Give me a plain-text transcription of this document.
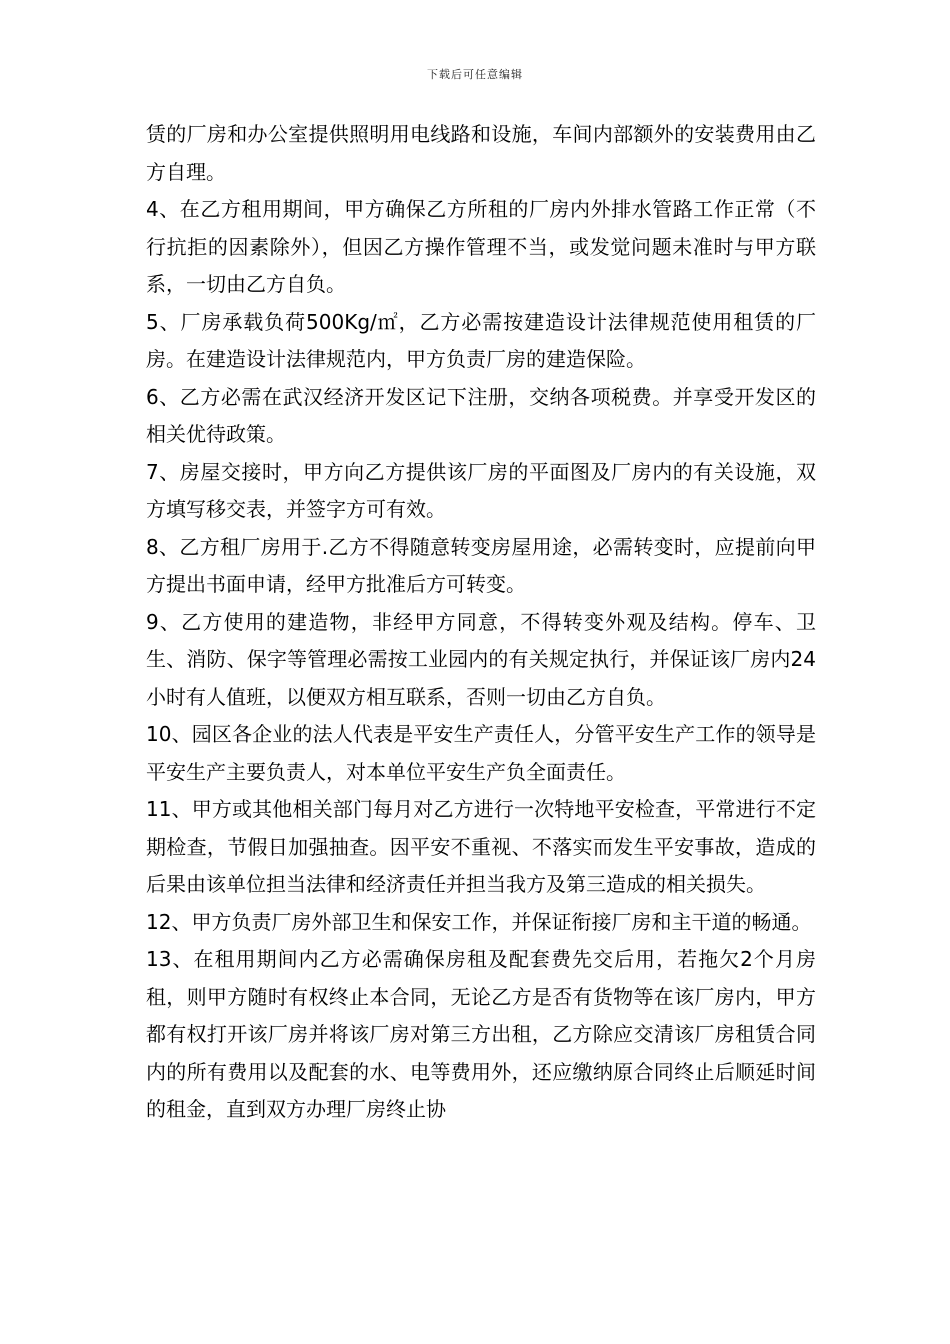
下载后可任意编辑

赁的厂房和办公室提供照明用电线路和设施，车间内部额外的安装费用由乙方自理。

4、在乙方租用期间，甲方确保乙方所租的厂房内外排水管路工作正常（不行抗拒的因素除外），但因乙方操作管理不当，或发觉问题未准时与甲方联系，一切由乙方自负。

5、厂房承载负荷500Kg/㎡，乙方必需按建造设计法律规范使用租赁的厂房。在建造设计法律规范内，甲方负责厂房的建造保险。

6、乙方必需在武汉经济开发区记下注册，交纳各项税费。并享受开发区的相关优待政策。

7、房屋交接时，甲方向乙方提供该厂房的平面图及厂房内的有关设施，双方填写移交表，并签字方可有效。

8、乙方租厂房用于.乙方不得随意转变房屋用途，必需转变时，应提前向甲方提出书面申请，经甲方批准后方可转变。

9、乙方使用的建造物，非经甲方同意，不得转变外观及结构。停车、卫生、消防、保字等管理必需按工业园内的有关规定执行，并保证该厂房内24小时有人值班，以便双方相互联系，否则一切由乙方自负。

10、园区各企业的法人代表是平安生产责任人，分管平安生产工作的领导是平安生产主要负责人，对本单位平安生产负全面责任。

11、甲方或其他相关部门每月对乙方进行一次特地平安检查，平常进行不定期检查，节假日加强抽查。因平安不重视、不落实而发生平安事故，造成的后果由该单位担当法律和经济责任并担当我方及第三造成的相关损失。

12、甲方负责厂房外部卫生和保安工作，并保证衔接厂房和主干道的畅通。

13、在租用期间内乙方必需确保房租及配套费先交后用，若拖欠2个月房租，则甲方随时有权终止本合同，无论乙方是否有货物等在该厂房内，甲方都有权打开该厂房并将该厂房对第三方出租，乙方除应交清该厂房租赁合同内的所有费用以及配套的水、电等费用外，还应缴纳原合同终止后顺延时间的租金，直到双方办理厂房终止协
